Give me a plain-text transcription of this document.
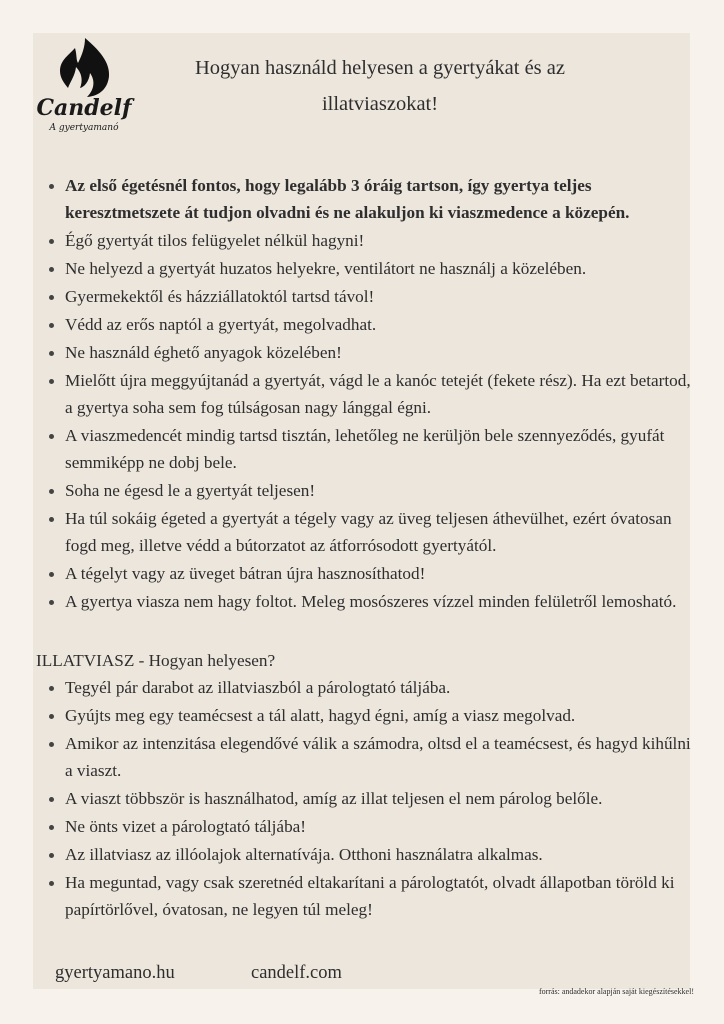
Candelf
A gyertyamanó
Hogyan használd helyesen a gyertyákat és az illatviaszokat!
Az első égetésnél fontos, hogy legalább 3 óráig tartson, így gyertya teljes keresztmetszete át tudjon olvadni és ne alakuljon ki viaszmedence a közepén.
Égő gyertyát tilos felügyelet nélkül hagyni!
Ne helyezd a gyertyát huzatos helyekre, ventilátort ne használj a közelében.
Gyermekektől és házziállatoktól tartsd távol!
Védd az erős naptól a gyertyát, megolvadhat.
Ne használd éghető anyagok közelében!
Mielőtt újra meggyújtanád a gyertyát, vágd le a kanóc tetejét (fekete rész). Ha ezt betartod, a gyertya soha sem fog túlságosan nagy lánggal égni.
A viaszmedencét mindig tartsd tisztán, lehetőleg ne kerüljön bele szennyeződés, gyufát semmiképp ne dobj bele.
Soha ne égesd le a gyertyát teljesen!
Ha túl sokáig égeted a gyertyát a tégely vagy az üveg teljesen áthevülhet, ezért óvatosan fogd meg, illetve védd a bútorzatot az átforrósodott gyertyától.
A tégelyt vagy az üveget bátran újra hasznosíthatod!
A gyertya viasza nem hagy foltot. Meleg mosószeres vízzel minden felületről lemosható.
ILLATVIASZ - Hogyan helyesen?
Tegyél pár darabot az illatviaszból a párologtató táljába.
Gyújts meg egy teamécsest a tál alatt, hagyd égni, amíg a viasz megolvad.
Amikor az intenzitása elegendővé válik a számodra, oltsd el a teamécsest, és hagyd kihűlni a viaszt.
A viaszt többször is használhatod, amíg az illat teljesen el nem párolog belőle.
Ne önts vizet a párologtató táljába!
Az illatviasz az illóolajok alternatívája. Otthoni használatra alkalmas.
Ha meguntad, vagy csak szeretnéd eltakarítani a párologtatót, olvadt állapotban töröld ki papírtörlővel, óvatosan, ne legyen túl meleg!
gyertyamano.hu	candelf.com
forrás: andadekor alapján saját kiegészítésekkel!
